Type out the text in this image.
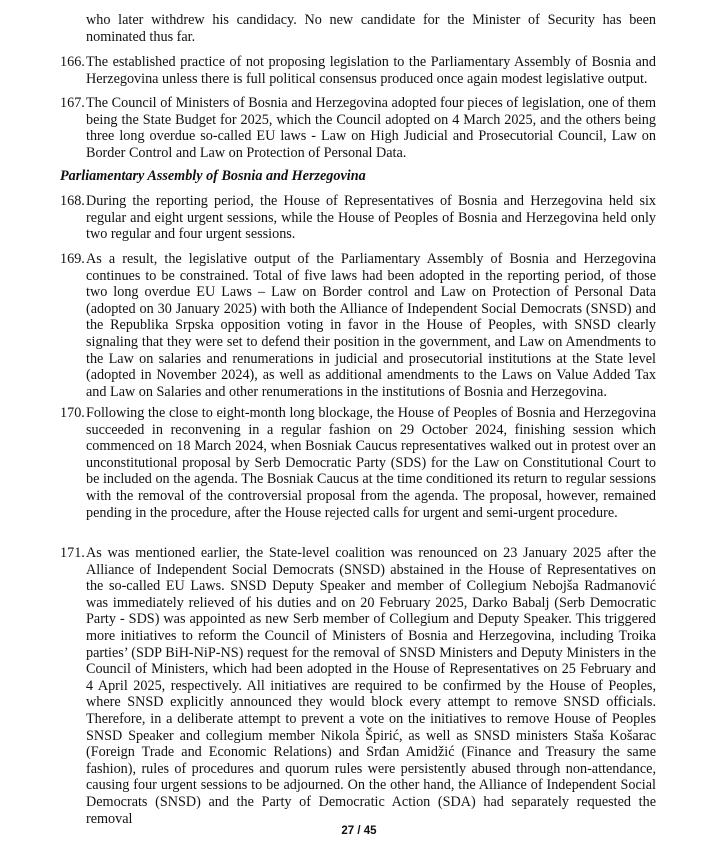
who later withdrew his candidacy. No new candidate for the Minister of Security has been nominated thus far.
166. The established practice of not proposing legislation to the Parliamentary Assembly of Bosnia and Herzegovina unless there is full political consensus produced once again modest legislative output.
167. The Council of Ministers of Bosnia and Herzegovina adopted four pieces of legislation, one of them being the State Budget for 2025, which the Council adopted on 4 March 2025, and the others being three long overdue so-called EU laws - Law on High Judicial and Prosecutorial Council, Law on Border Control and Law on Protection of Personal Data.
Parliamentary Assembly of Bosnia and Herzegovina
168. During the reporting period, the House of Representatives of Bosnia and Herzegovina held six regular and eight urgent sessions, while the House of Peoples of Bosnia and Herzegovina held only two regular and four urgent sessions.
169. As a result, the legislative output of the Parliamentary Assembly of Bosnia and Herzegovina continues to be constrained. Total of five laws had been adopted in the reporting period, of those two long overdue EU Laws – Law on Border control and Law on Protection of Personal Data (adopted on 30 January 2025) with both the Alliance of Independent Social Democrats (SNSD) and the Republika Srpska opposition voting in favor in the House of Peoples, with SNSD clearly signaling that they were set to defend their position in the government, and Law on Amendments to the Law on salaries and renumerations in judicial and prosecutorial institutions at the State level (adopted in November 2024), as well as additional amendments to the Laws on Value Added Tax and Law on Salaries and other renumerations in the institutions of Bosnia and Herzegovina.
170. Following the close to eight-month long blockage, the House of Peoples of Bosnia and Herzegovina succeeded in reconvening in a regular fashion on 29 October 2024, finishing session which commenced on 18 March 2024, when Bosniak Caucus representatives walked out in protest over an unconstitutional proposal by Serb Democratic Party (SDS) for the Law on Constitutional Court to be included on the agenda. The Bosniak Caucus at the time conditioned its return to regular sessions with the removal of the controversial proposal from the agenda. The proposal, however, remained pending in the procedure, after the House rejected calls for urgent and semi-urgent procedure.
171. As was mentioned earlier, the State-level coalition was renounced on 23 January 2025 after the Alliance of Independent Social Democrats (SNSD) abstained in the House of Representatives on the so-called EU Laws. SNSD Deputy Speaker and member of Collegium Nebojša Radmanović was immediately relieved of his duties and on 20 February 2025, Darko Babalj (Serb Democratic Party - SDS) was appointed as new Serb member of Collegium and Deputy Speaker. This triggered more initiatives to reform the Council of Ministers of Bosnia and Herzegovina, including Troika parties’ (SDP BiH-NiP-NS) request for the removal of SNSD Ministers and Deputy Ministers in the Council of Ministers, which had been adopted in the House of Representatives on 25 February and 4 April 2025, respectively. All initiatives are required to be confirmed by the House of Peoples, where SNSD explicitly announced they would block every attempt to remove SNSD officials. Therefore, in a deliberate attempt to prevent a vote on the initiatives to remove House of Peoples SNSD Speaker and collegium member Nikola Špirić, as well as SNSD ministers Staša Košarac (Foreign Trade and Economic Relations) and Srđan Amidžić (Finance and Treasury the same fashion), rules of procedures and quorum rules were persistently abused through non-attendance, causing four urgent sessions to be adjourned. On the other hand, the Alliance of Independent Social Democrats (SNSD) and the Party of Democratic Action (SDA) had separately requested the removal
27 / 45
